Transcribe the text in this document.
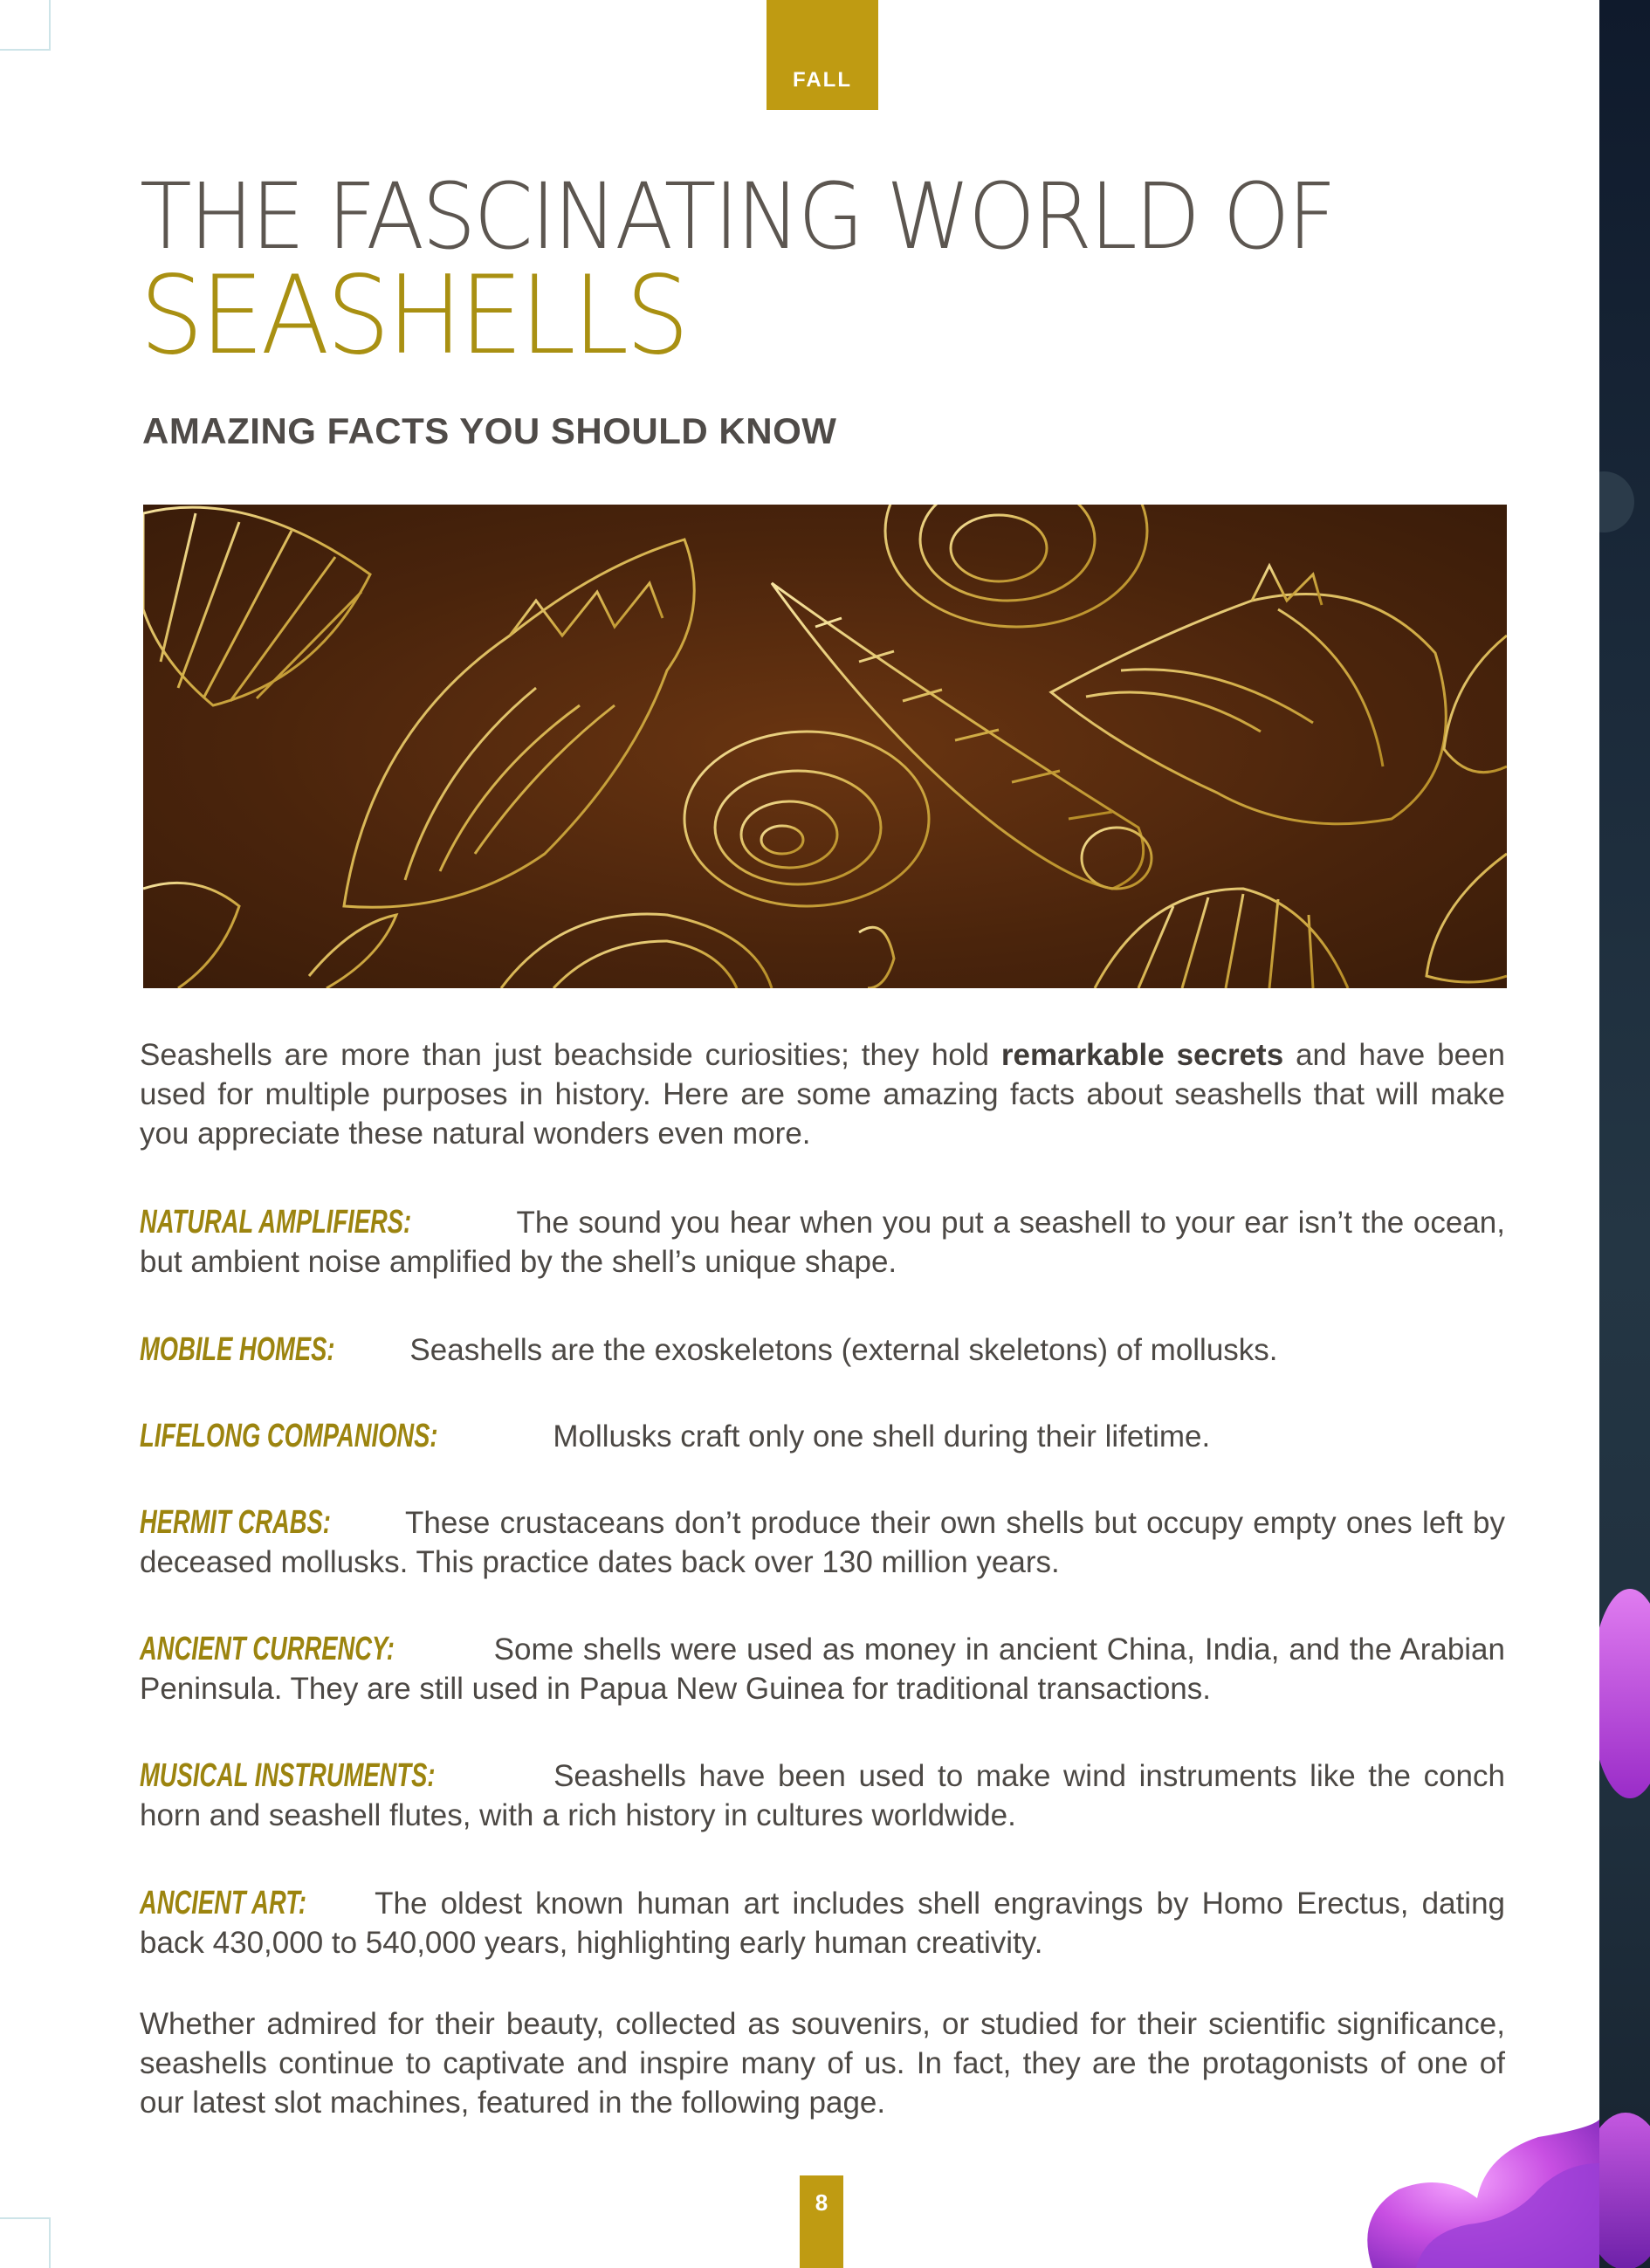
FALL
THE FASCINATING WORLD OF
SEASHELLS
AMAZING FACTS YOU SHOULD KNOW

Seashells are more than just beachside curiosities; they hold remarkable secrets and have been used for multiple purposes in history. Here are some amazing facts about seashells that will make you appreciate these natural wonders even more.

NATURAL AMPLIFIERS:	The sound you hear when you put a seashell to your ear isn’t the ocean, but ambient noise amplified by the shell’s unique shape.

MOBILE HOMES: Seashells are the exoskeletons (external skeletons) of mollusks.

LIFELONG COMPANIONS:	Mollusks craft only one shell during their lifetime.

HERMIT CRABS: These crustaceans don’t produce their own shells but occupy empty ones left by deceased mollusks. This practice dates back over 130 million years.

ANCIENT CURRENCY:	Some shells were used as money in ancient China, India, and the Arabian Peninsula. They are still used in Papua New Guinea for traditional transactions.

MUSICAL INSTRUMENTS:	Seashells have been used to make wind instruments like the conch horn and seashell flutes, with a rich history in cultures worldwide.

ANCIENT ART: The oldest known human art includes shell engravings by Homo Erectus, dating back 430,000 to 540,000 years, highlighting early human creativity.

Whether admired for their beauty, collected as souvenirs, or studied for their scientific significance, seashells continue to captivate and inspire many of us. In fact, they are the protagonists of one of our latest slot machines, featured in the following page.

8
